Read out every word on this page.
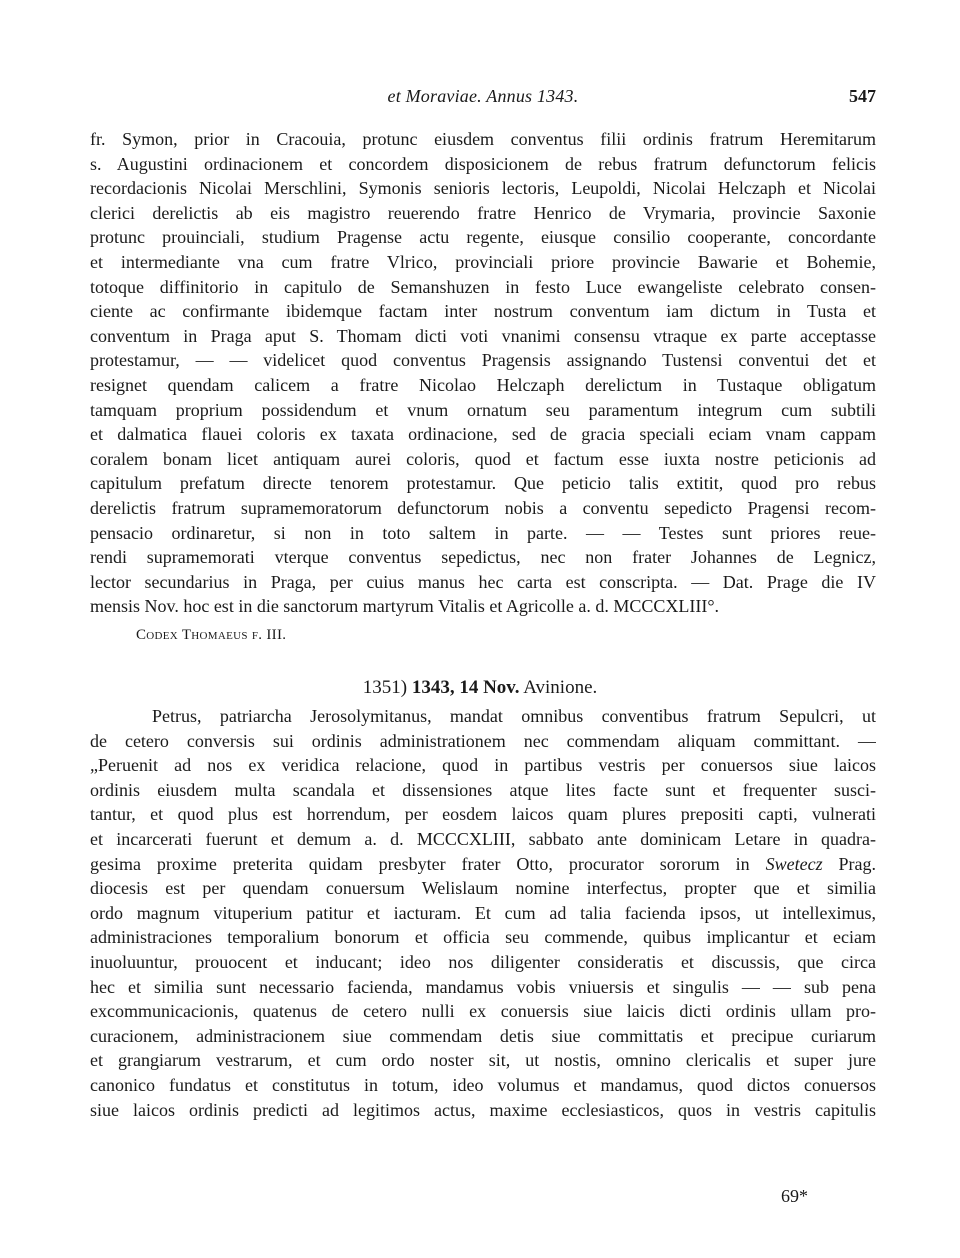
et Moraviae. Annus 1343.	547
fr. Symon, prior in Cracouia, protunc eiusdem conventus filii ordinis fratrum Heremitarum
s. Augustini ordinacionem et concordem disposicionem de rebus fratrum defunctorum felicis
recordacionis Nicolai Merschlini, Symonis senioris lectoris, Leupoldi, Nicolai Helczaph et Nicolai
clerici derelictis ab eis magistro reuerendo fratre Henrico de Vrymaria, provincie Saxonie
protunc prouinciali, studium Pragense actu regente, eiusque consilio cooperante, concordante
et intermediante vna cum fratre Vlrico, provinciali priore provincie Bawarie et Bohemie,
totoque diffinitorio in capitulo de Semanshuzen in festo Luce ewangeliste celebrato consen-
ciente ac confirmante ibidemque factam inter nostrum conventum iam dictum in Tusta et
conventum in Praga aput S. Thomam dicti voti vnanimi consensu vtraque ex parte acceptasse
protestamur, — — videlicet quod conventus Pragensis assignando Tustensi conventui det et
resignet quendam calicem a fratre Nicolao Helczaph derelictum in Tustaque obligatum
tamquam proprium possidendum et vnum ornatum seu paramentum integrum cum subtili
et dalmatica flauei coloris ex taxata ordinacione, sed de gracia speciali eciam vnam cappam
coralem bonam licet antiquam aurei coloris, quod et factum esse iuxta nostre peticionis ad
capitulum prefatum directe tenorem protestamur. Que peticio talis extitit, quod pro rebus
derelictis fratrum supramemoratorum defunctorum nobis a conventu sepedicto Pragensi recom-
pensacio ordinaretur, si non in toto saltem in parte. — — Testes sunt priores reue-
rendi supramemorati vterque conventus sepedictus, nec non frater Johannes de Legnicz,
lector secundarius in Praga, per cuius manus hec carta est conscripta. — Dat. Prage die IV
mensis Nov. hoc est in die sanctorum martyrum Vitalis et Agricolle a. d. MCCCXLIII°.
Codex Thomaeus f. III.
1351) 1343, 14 Nov. Avinione.
Petrus, patriarcha Jerosolymitanus, mandat omnibus conventibus fratrum Sepulcri, ut
de cetero conversis sui ordinis administrationem nec commendam aliquam committant. —
„Peruenit ad nos ex veridica relacione, quod in partibus vestris per conuersos siue laicos
ordinis eiusdem multa scandala et dissensiones atque lites facte sunt et frequenter susci-
tantur, et quod plus est horrendum, per eosdem laicos quam plures prepositi capti, vulnerati
et incarcerati fuerunt et demum a. d. MCCCXLIII, sabbato ante dominicam Letare in quadra-
gesima proxime preterita quidam presbyter frater Otto, procurator sororum in Swetecz Prag.
diocesis est per quendam conuersum Welislaum nomine interfectus, propter que et similia
ordo magnum vituperium patitur et iacturam. Et cum ad talia facienda ipsos, ut intelleximus,
administraciones temporalium bonorum et officia seu commende, quibus implicantur et eciam
inuoluuntur, prouocent et inducant; ideo nos diligenter consideratis et discussis, que circa
hec et similia sunt necessario facienda, mandamus vobis vniuersis et singulis — — sub pena
excommunicacionis, quatenus de cetero nulli ex conuersis siue laicis dicti ordinis ullam pro-
curacionem, administracionem siue commendam detis siue committatis et precipue curiarum
et grangiarum vestrarum, et cum ordo noster sit, ut nostis, omnino clericalis et super jure
canonico fundatus et constitutus in totum, ideo volumus et mandamus, quod dictos conuersos
siue laicos ordinis predicti ad legitimos actus, maxime ecclesiasticos, quos in vestris capitulis
69*
